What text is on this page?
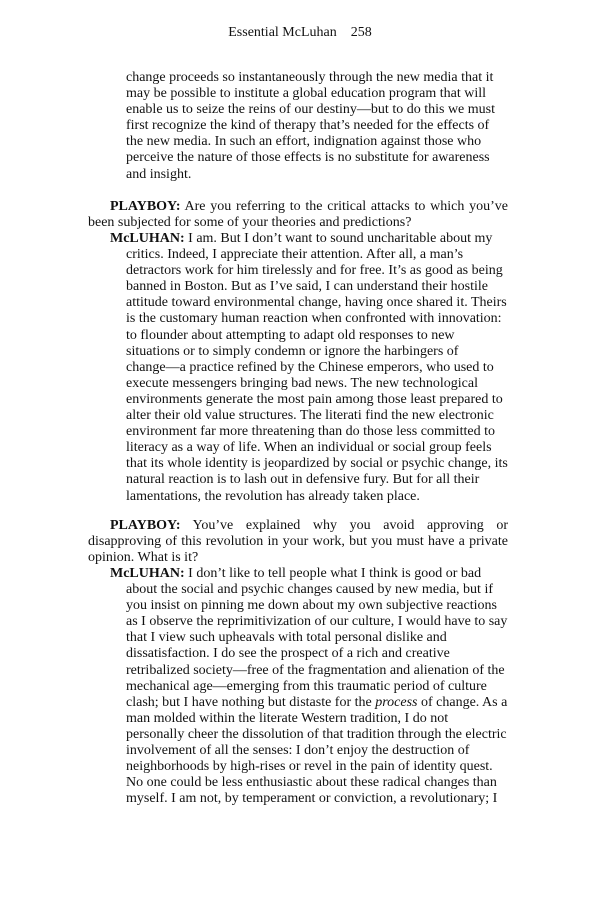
Essential McLuhan 258
change proceeds so instantaneously through the new media that it
may be possible to institute a global education program that will
enable us to seize the reins of our destiny—but to do this we must
first recognize the kind of therapy that’s needed for the effects of
the new media. In such an effort, indignation against those who
perceive the nature of those effects is no substitute for awareness
and insight.
PLAYBOY: Are you referring to the critical attacks to which you’ve
been subjected for some of your theories and predictions?
McLUHAN: I am. But I don’t want to sound uncharitable about my
critics. Indeed, I appreciate their attention. After all, a man’s
detractors work for him tirelessly and for free. It’s as good as being
banned in Boston. But as I’ve said, I can understand their hostile
attitude toward environmental change, having once shared it. Theirs
is the customary human reaction when confronted with innovation:
to flounder about attempting to adapt old responses to new
situations or to simply condemn or ignore the harbingers of
change—a practice refined by the Chinese emperors, who used to
execute messengers bringing bad news. The new technological
environments generate the most pain among those least prepared to
alter their old value structures. The literati find the new electronic
environment far more threatening than do those less committed to
literacy as a way of life. When an individual or social group feels
that its whole identity is jeopardized by social or psychic change, its
natural reaction is to lash out in defensive fury. But for all their
lamentations, the revolution has already taken place.
PLAYBOY: You’ve explained why you avoid approving or
disapproving of this revolution in your work, but you must have a private
opinion. What is it?
McLUHAN: I don’t like to tell people what I think is good or bad
about the social and psychic changes caused by new media, but if
you insist on pinning me down about my own subjective reactions
as I observe the reprimitivization of our culture, I would have to say
that I view such upheavals with total personal dislike and
dissatisfaction. I do see the prospect of a rich and creative
retribalized society—free of the fragmentation and alienation of the
mechanical age—emerging from this traumatic period of culture
clash; but I have nothing but distaste for the process of change. As a
man molded within the literate Western tradition, I do not
personally cheer the dissolution of that tradition through the electric
involvement of all the senses: I don’t enjoy the destruction of
neighborhoods by high-rises or revel in the pain of identity quest.
No one could be less enthusiastic about these radical changes than
myself. I am not, by temperament or conviction, a revolutionary; I
